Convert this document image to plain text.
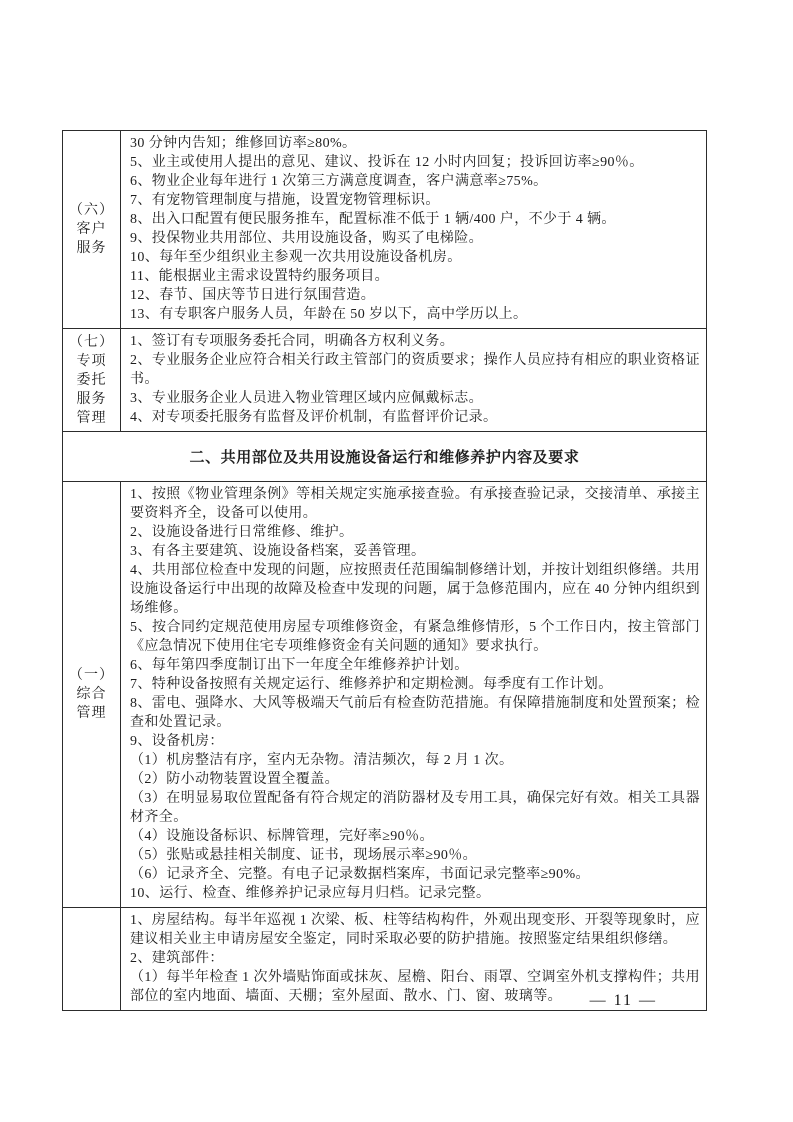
（六）
客户
服务

30 分钟内告知；维修回访率≥80%。

5、业主或使用人提出的意见、建议、投诉在 12 小时内回复；投诉回访率≥90％。

6、物业企业每年进行 1 次第三方满意度调查，客户满意率≥75%。

7、有宠物管理制度与措施，设置宠物管理标识。

8、出入口配置有便民服务推车，配置标准不低于 1 辆/400 户，不少于 4 辆。

9、投保物业共用部位、共用设施设备，购买了电梯险。

10、每年至少组织业主参观一次共用设施设备机房。

11、能根据业主需求设置特约服务项目。

12、春节、国庆等节日进行氛围营造。

13、有专职客户服务人员，年龄在 50 岁以下，高中学历以上。

（七）
专项
委托
服务
管理

1、签订有专项服务委托合同，明确各方权利义务。

2、专业服务企业应符合相关行政主管部门的资质要求；操作人员应持有相应的职业资格证书。

3、专业服务企业人员进入物业管理区域内应佩戴标志。

4、对专项委托服务有监督及评价机制，有监督评价记录。

二、共用部位及共用设施设备运行和维修养护内容及要求
（一）
综合
管理

1、按照《物业管理条例》等相关规定实施承接查验。有承接查验记录，交接清单、承接主要资料齐全，设备可以使用。

2、设施设备进行日常维修、维护。

3、有各主要建筑、设施设备档案，妥善管理。

4、共用部位检查中发现的问题，应按照责任范围编制修缮计划，并按计划组织修缮。共用设施设备运行中出现的故障及检查中发现的问题，属于急修范围内，应在 40 分钟内组织到场维修。

5、按合同约定规范使用房屋专项维修资金，有紧急维修情形，5 个工作日内，按主管部门《应急情况下使用住宅专项维修资金有关问题的通知》要求执行。

6、每年第四季度制订出下一年度全年维修养护计划。

7、特种设备按照有关规定运行、维修养护和定期检测。每季度有工作计划。

8、雷电、强降水、大风等极端天气前后有检查防范措施。有保障措施制度和处置预案；检查和处置记录。

9、设备机房：

（1）机房整洁有序，室内无杂物。清洁频次，每 2 月 1 次。

（2）防小动物装置设置全覆盖。

（3）在明显易取位置配备有符合规定的消防器材及专用工具，确保完好有效。相关工具器材齐全。

（4）设施设备标识、标牌管理，完好率≥90％。

（5）张贴或悬挂相关制度、证书，现场展示率≥90％。

（6）记录齐全、完整。有电子记录数据档案库，书面记录完整率≥90%。

10、运行、检查、维修养护记录应每月归档。记录完整。

1、房屋结构。每半年巡视 1 次梁、板、柱等结构构件，外观出现变形、开裂等现象时，应建议相关业主申请房屋安全鉴定，同时采取必要的防护措施。按照鉴定结果组织修缮。

2、建筑部件：

（1）每半年检查 1 次外墙贴饰面或抹灰、屋檐、阳台、雨罩、空调室外机支撑构件；共用部位的室内地面、墙面、天棚；室外屋面、散水、门、窗、玻璃等。	— 11 —
